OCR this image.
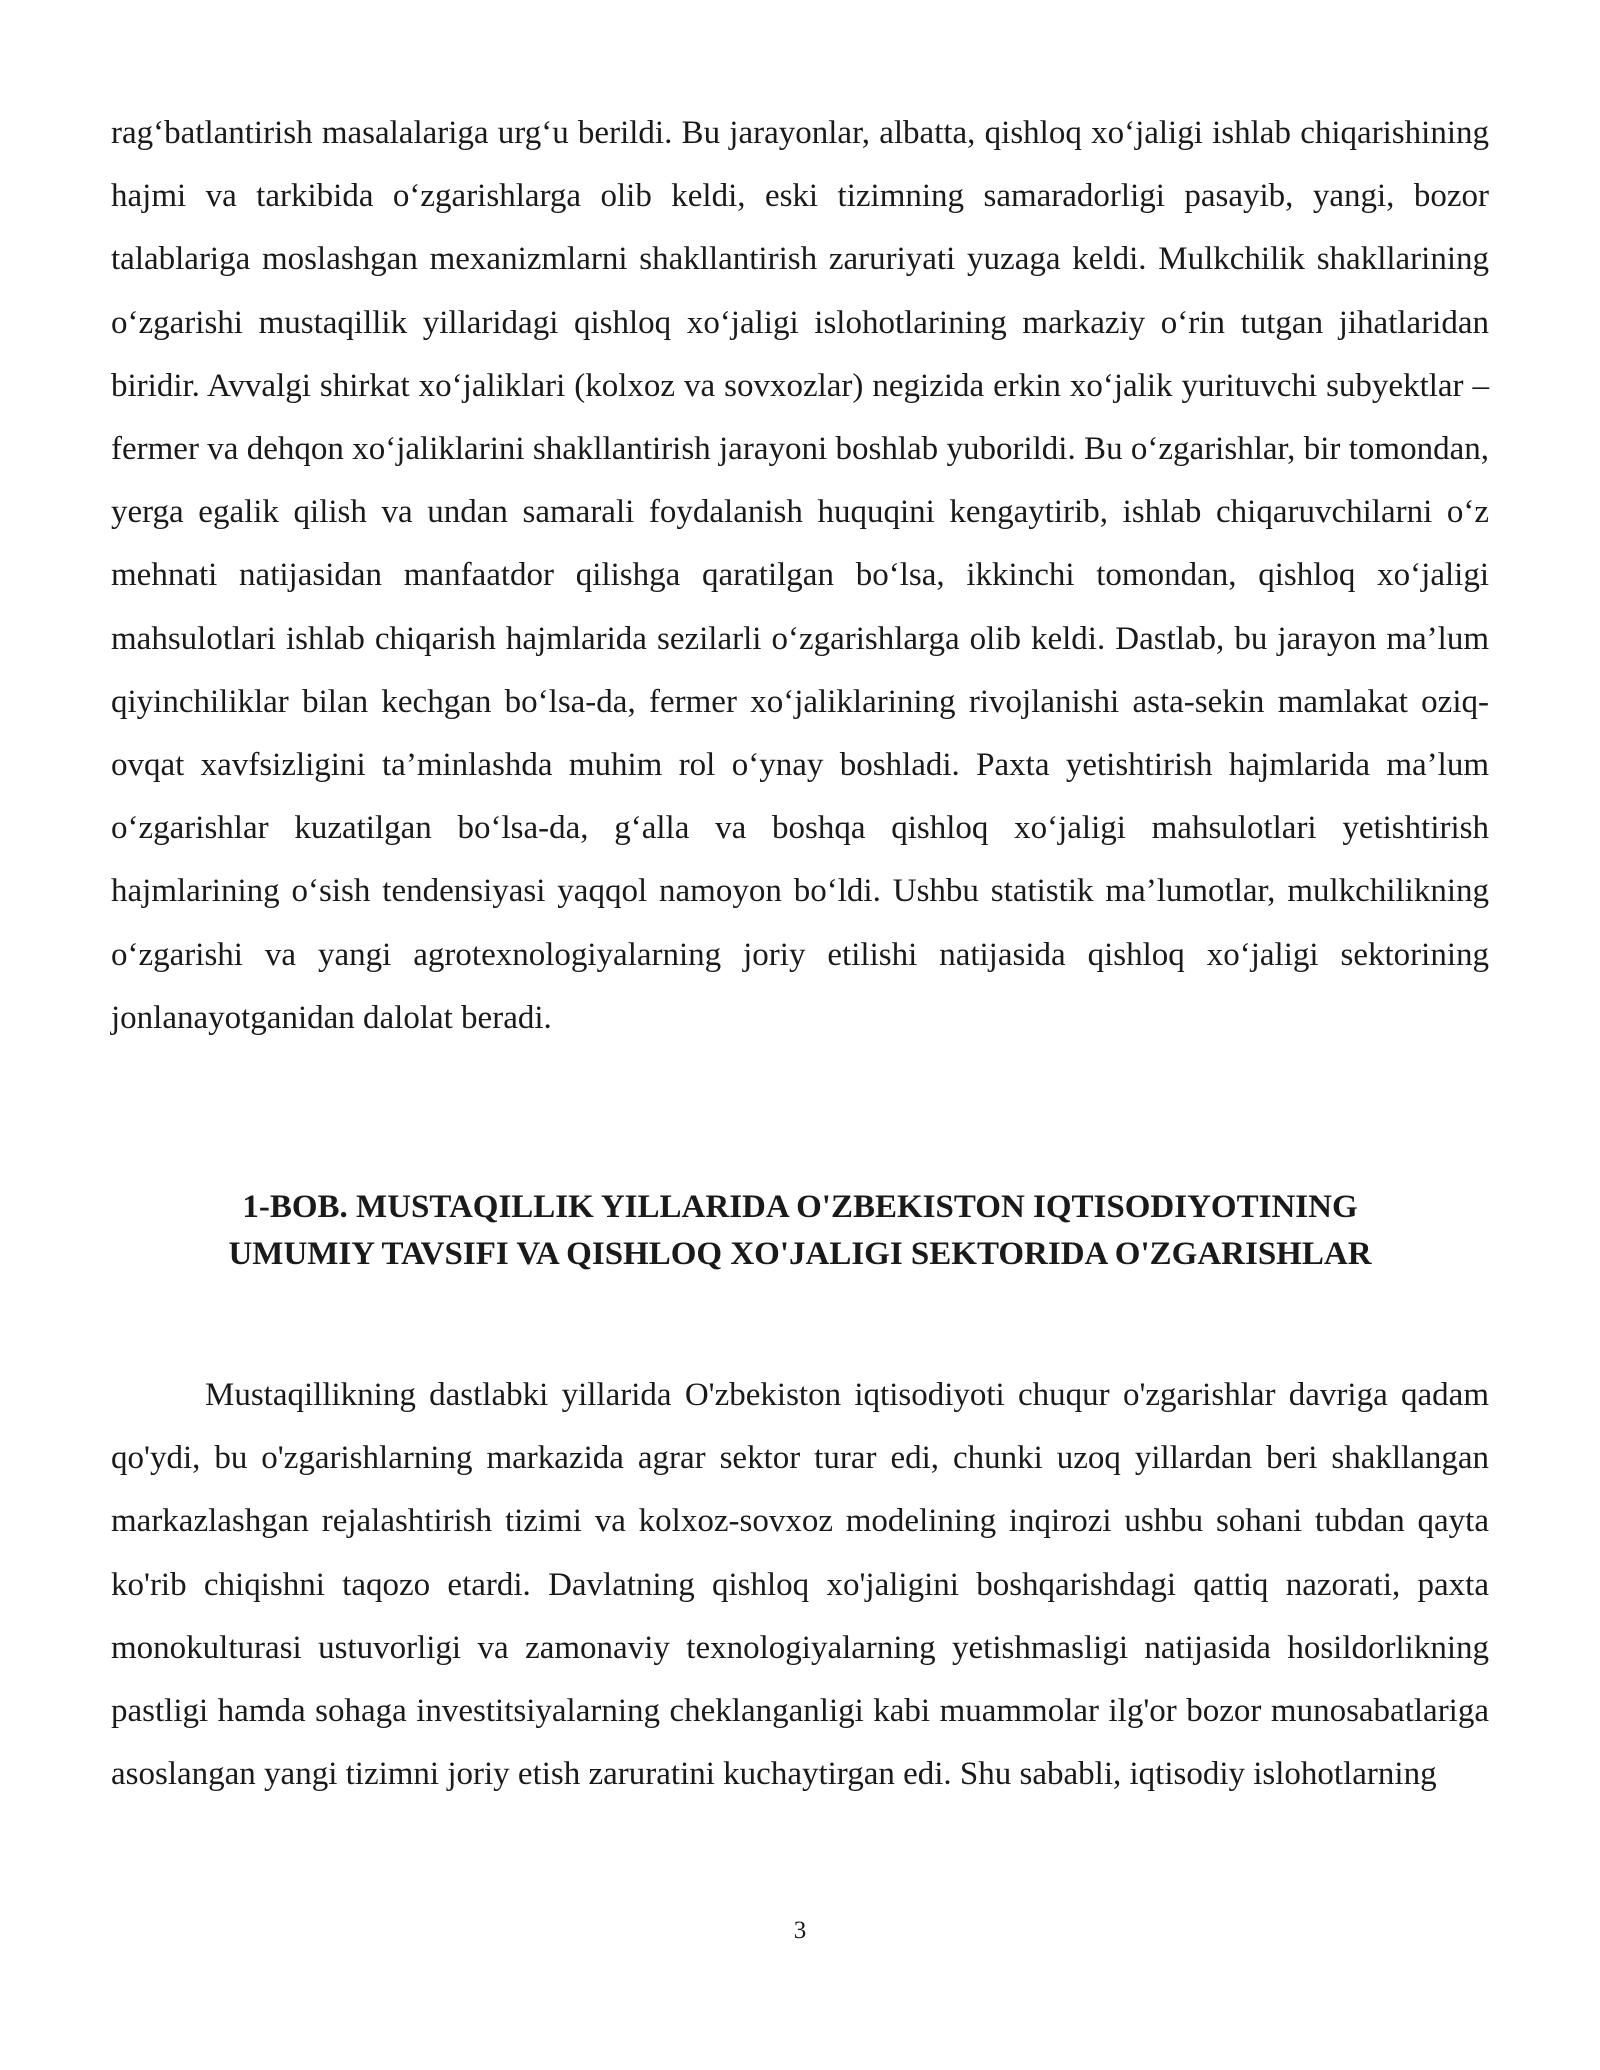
rag‘batlantirish masalalariga urg‘u berildi. Bu jarayonlar, albatta, qishloq xo‘jaligi ishlab chiqarishining hajmi va tarkibida o‘zgarishlarga olib keldi, eski tizimning samaradorligi pasayib, yangi, bozor talablariga moslashgan mexanizmlarni shakllantirish zaruriyati yuzaga keldi. Mulkchilik shakllarining o‘zgarishi mustaqillik yillaridagi qishloq xo‘jaligi islohotlarining markaziy o‘rin tutgan jihatlaridan biridir. Avvalgi shirkat xo‘jaliklari (kolxoz va sovxozlar) negizida erkin xo‘jalik yurituvchi subyektlar – fermer va dehqon xo‘jaliklarini shakllantirish jarayoni boshlab yuborildi. Bu o‘zgarishlar, bir tomondan, yerga egalik qilish va undan samarali foydalanish huquqini kengaytirib, ishlab chiqaruvchilarni o‘z mehnati natijasidan manfaatdor qilishga qaratilgan bo‘lsa, ikkinchi tomondan, qishloq xo‘jaligi mahsulotlari ishlab chiqarish hajmlarida sezilarli o‘zgarishlarga olib keldi. Dastlab, bu jarayon ma’lum qiyinchiliklar bilan kechgan bo‘lsa-da, fermer xo‘jaliklarining rivojlanishi asta-sekin mamlakat oziq-ovqat xavfsizligini ta’minlashda muhim rol o‘ynay boshladi. Paxta yetishtirish hajmlarida ma’lum o‘zgarishlar kuzatilgan bo‘lsa-da, g‘alla va boshqa qishloq xo‘jaligi mahsulotlari yetishtirish hajmlarining o‘sish tendensiyasi yaqqol namoyon bo‘ldi. Ushbu statistik ma’lumotlar, mulkchilikning o‘zgarishi va yangi agrotexnologiyalarning joriy etilishi natijasida qishloq xo‘jaligi sektorining jonlanayotganidan dalolat beradi.

1-BOB. MUSTAQILLIK YILLARIDA O'ZBEKISTON IQTISODIYOTINING
UMUMIY TAVSIFI VA QISHLOQ XO'JALIGI SEKTORIDA O'ZGARISHLAR

Mustaqillikning dastlabki yillarida O'zbekiston iqtisodiyoti chuqur o'zgarishlar davriga qadam qo'ydi, bu o'zgarishlarning markazida agrar sektor turar edi, chunki uzoq yillardan beri shakllangan markazlashgan rejalashtirish tizimi va kolxoz-sovxoz modelining inqirozi ushbu sohani tubdan qayta ko'rib chiqishni taqozo etardi. Davlatning qishloq xo'jaligini boshqarishdagi qattiq nazorati, paxta monokulturasi ustuvorligi va zamonaviy texnologiyalarning yetishmasligi natijasida hosildorlikning pastligi hamda sohaga investitsiyalarning cheklanganligi kabi muammolar ilg'or bozor munosabatlariga asoslangan yangi tizimni joriy etish zaruratini kuchaytirgan edi. Shu sababli, iqtisodiy islohotlarning

3
